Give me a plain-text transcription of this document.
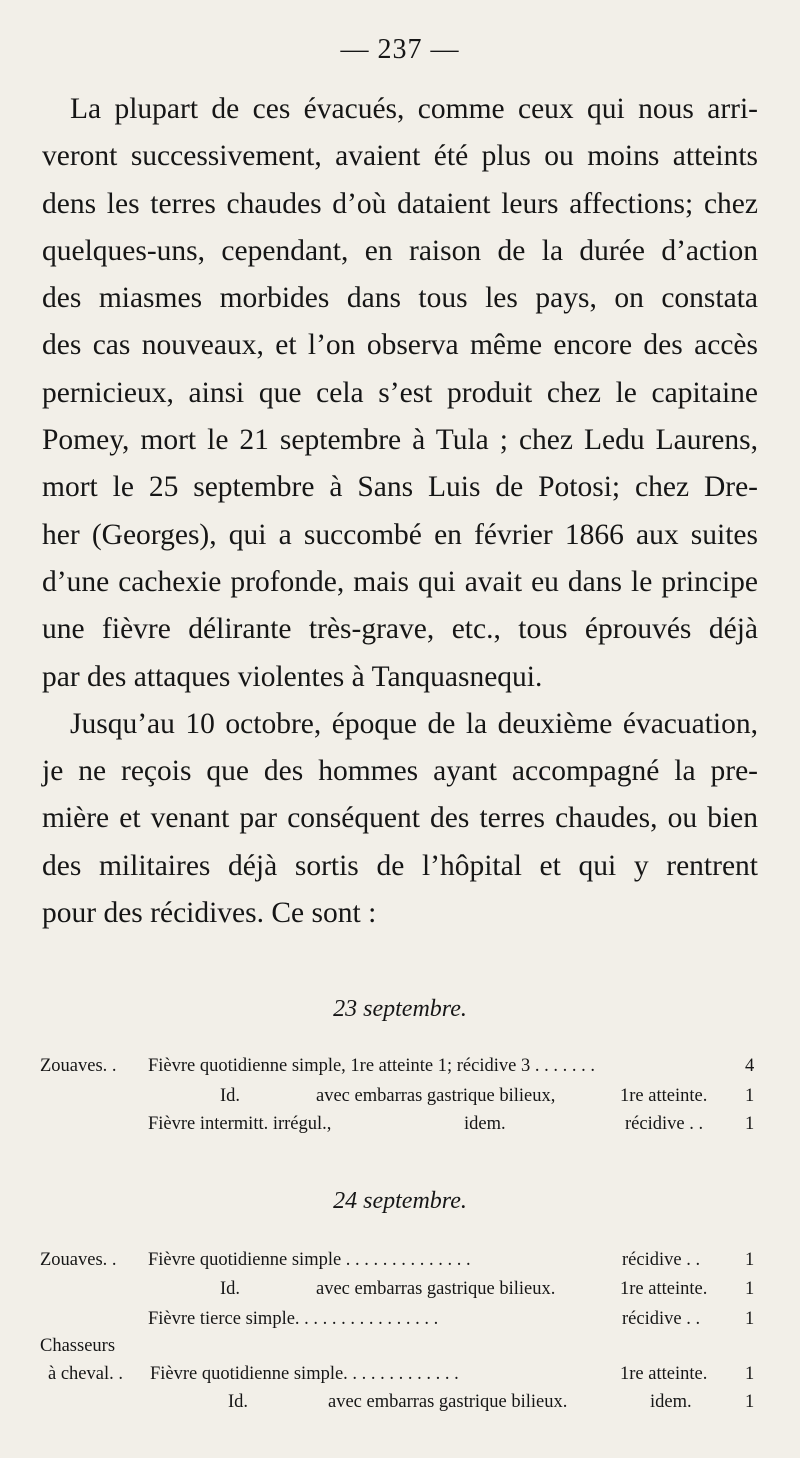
— 237 —
La plupart de ces évacués, comme ceux qui nous arri-
veront successivement, avaient été plus ou moins atteints
dens les terres chaudes d’où dataient leurs affections; chez
quelques-uns, cependant, en raison de la durée d’action
des miasmes morbides dans tous les pays, on constata
des cas nouveaux, et l’on observa même encore des accès
pernicieux, ainsi que cela s’est produit chez le capitaine
Pomey, mort le 21 septembre à Tula ; chez Ledu Laurens,
mort le 25 septembre à Sans Luis de Potosi; chez Dre-
her (Georges), qui a succombé en février 1866 aux suites
d’une cachexie profonde, mais qui avait eu dans le principe
une fièvre délirante très-grave, etc., tous éprouvés déjà
par des attaques violentes à Tanquasnequi.
Jusqu’au 10 octobre, époque de la deuxième évacuation,
je ne reçois que des hommes ayant accompagné la pre-
mière et venant par conséquent des terres chaudes, ou bien
des militaires déjà sortis de l’hôpital et qui y rentrent
pour des récidives. Ce sont :
23 septembre.
Zouaves. . Fièvre quotidienne simple, 1re atteinte 1; récidive 3 . . . . . . .	4
Id.	avec embarras gastrique bilieux,	1re atteinte. 1
Fièvre intermitt. irrégul.,	idem.	récidive . . 1
24 septembre.
Zouaves. . Fièvre quotidienne simple . . . . . . . . . . . . . .	récidive . . 1
Id.	avec embarras gastrique bilieux.	1re atteinte. 1
Fièvre tierce simple. . . . . . . . . . . . . . . .	récidive . . 1
Chasseurs
à cheval. . Fièvre quotidienne simple. . . . . . . . . . . . .	1re atteinte. 1
Id.	avec embarras gastrique bilieux.	idem.	1
